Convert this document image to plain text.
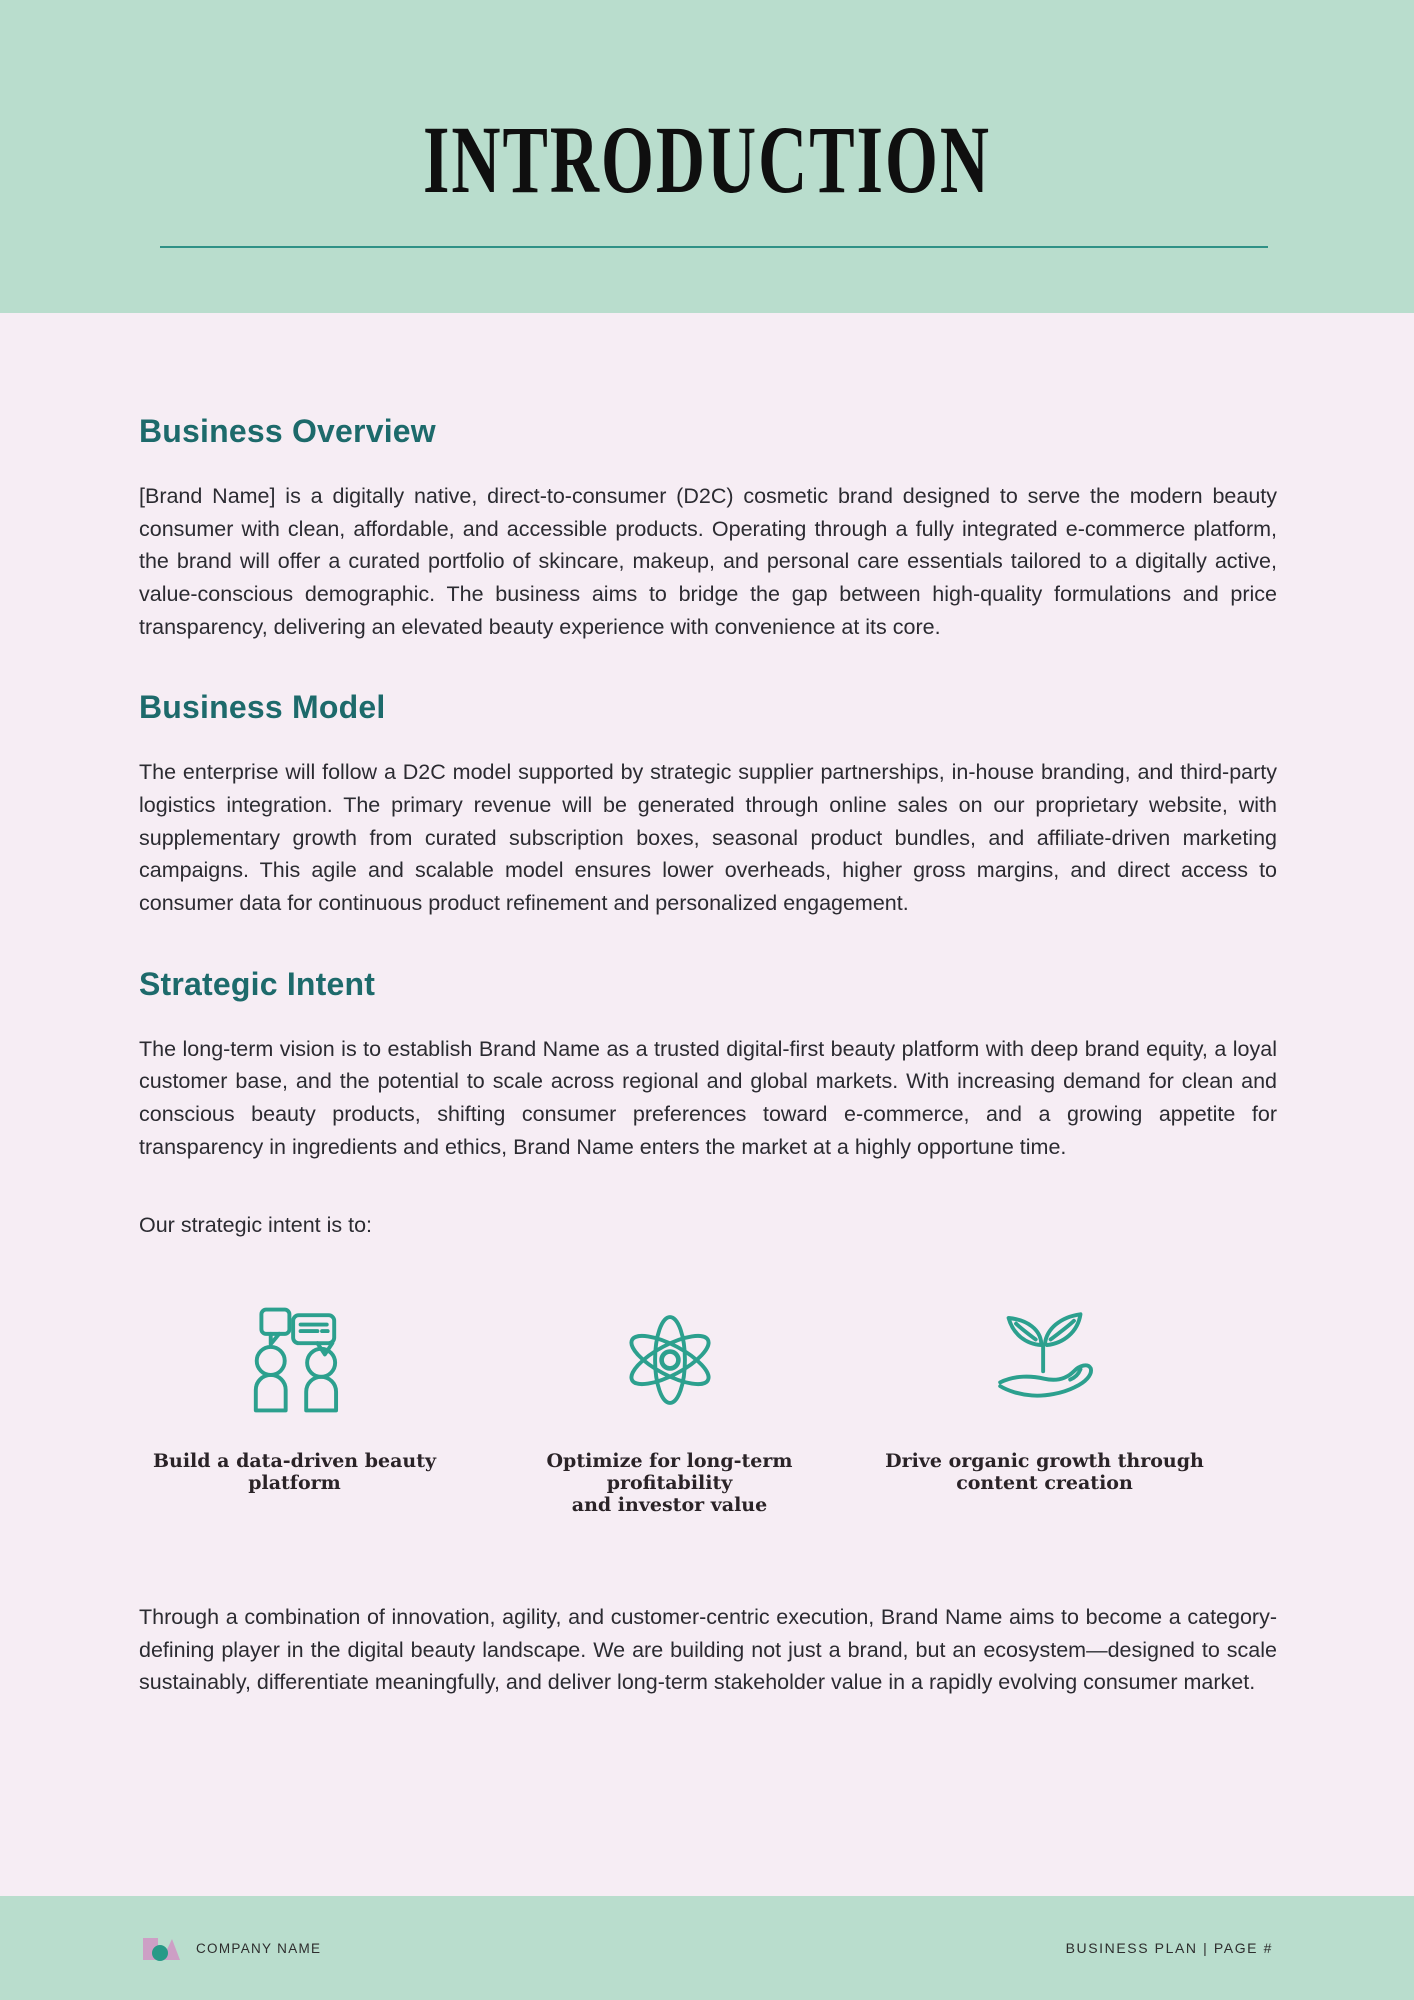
INTRODUCTION
Business Overview

[Brand Name] is a digitally native, direct-to-consumer (D2C) cosmetic brand designed to serve the modern beauty consumer with clean, affordable, and accessible products. Operating through a fully integrated e-commerce platform, the brand will offer a curated portfolio of skincare, makeup, and personal care essentials tailored to a digitally active, value-conscious demographic. The business aims to bridge the gap between high-quality formulations and price transparency, delivering an elevated beauty experience with convenience at its core.

Business Model

The enterprise will follow a D2C model supported by strategic supplier partnerships, in-house branding, and third-party logistics integration. The primary revenue will be generated through online sales on our proprietary website, with supplementary growth from curated subscription boxes, seasonal product bundles, and affiliate-driven marketing campaigns. This agile and scalable model ensures lower overheads, higher gross margins, and direct access to consumer data for continuous product refinement and personalized engagement.

Strategic Intent

The long-term vision is to establish Brand Name as a trusted digital-first beauty platform with deep brand equity, a loyal customer base, and the potential to scale across regional and global markets. With increasing demand for clean and conscious beauty products, shifting consumer preferences toward e-commerce, and a growing appetite for transparency in ingredients and ethics, Brand Name enters the market at a highly opportune time.

Our strategic intent is to:

Build a data-driven beauty
platform
Optimize for long-term profitability
and investor value
Drive organic growth through
content creation

Through a combination of innovation, agility, and customer-centric execution, Brand Name aims to become a category-defining player in the digital beauty landscape. We are building not just a brand, but an ecosystem—designed to scale sustainably, differentiate meaningfully, and deliver long-term stakeholder value in a rapidly evolving consumer market.

COMPANY NAME	BUSINESS PLAN | PAGE #
